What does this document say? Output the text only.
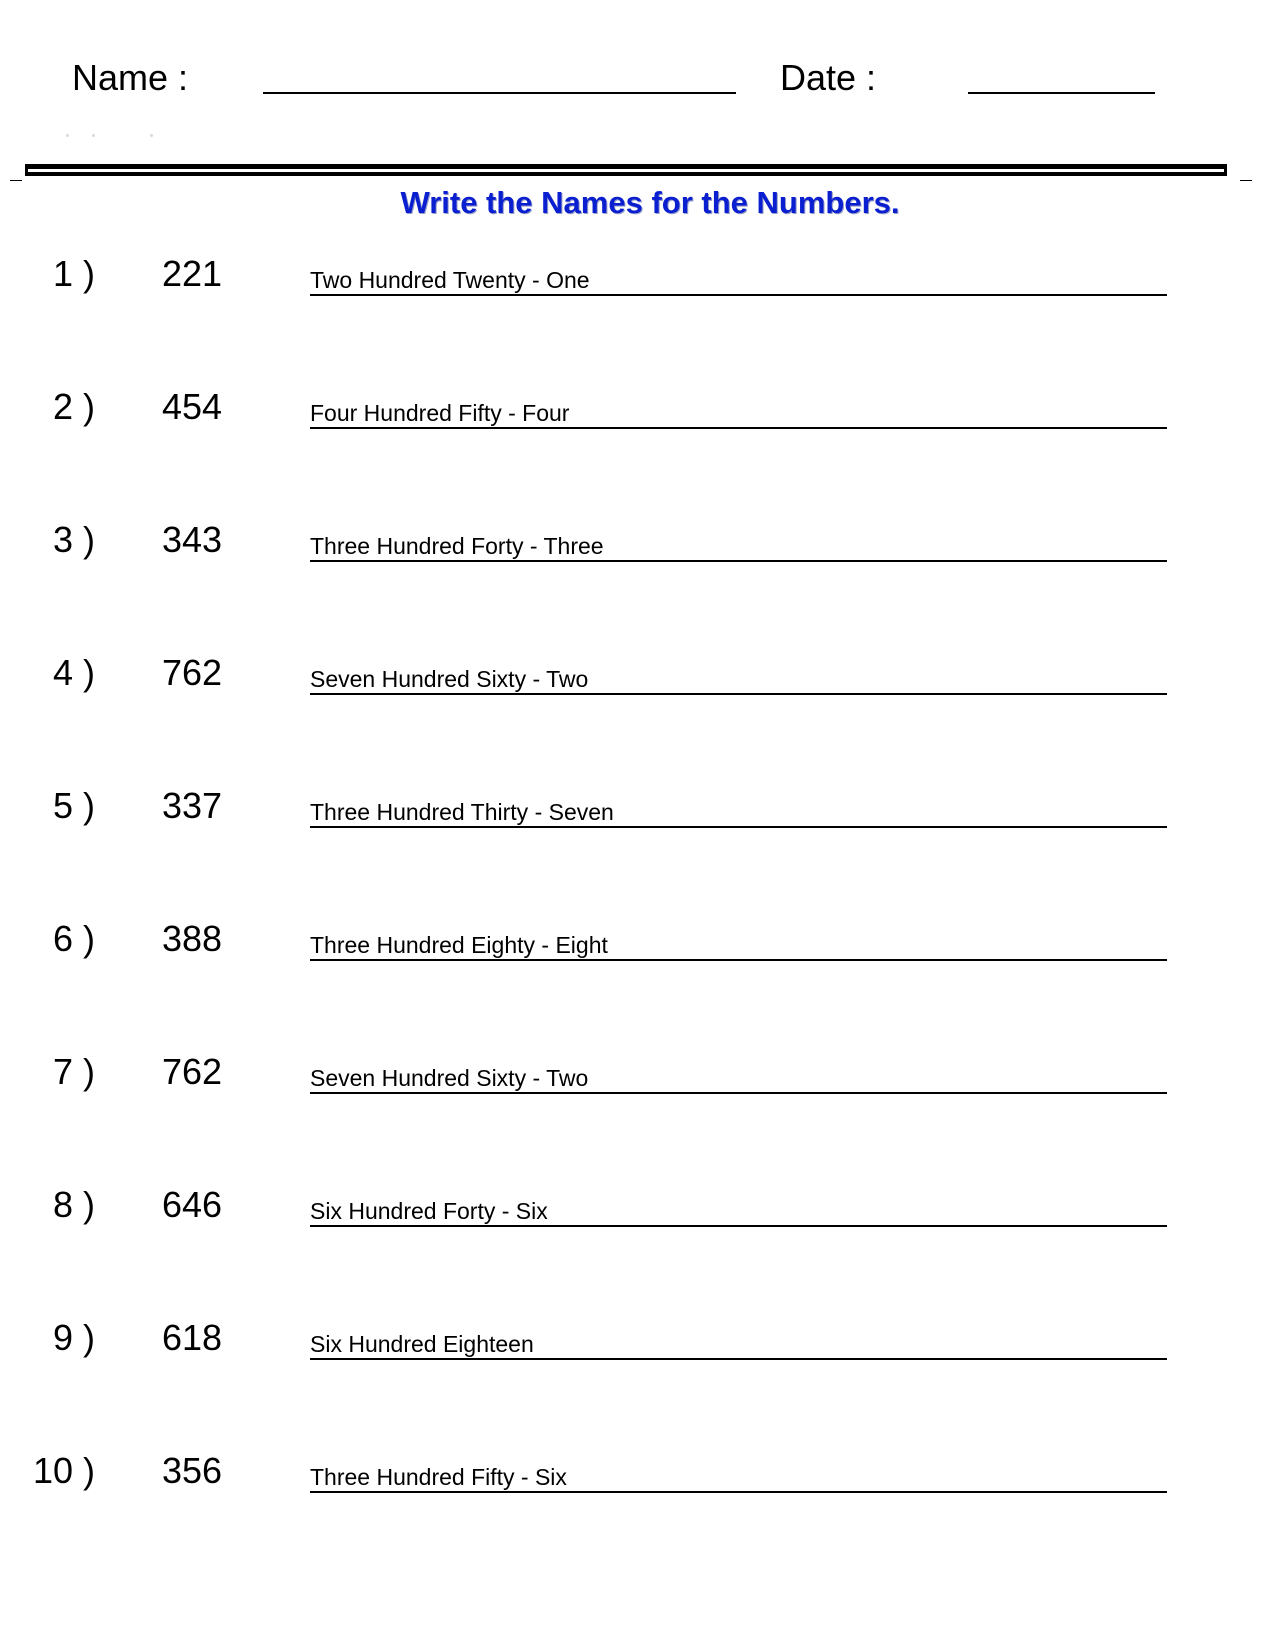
Name :	Date :
Write the Names for the Numbers.
1 ) 221	Two Hundred Twenty - One
2 ) 454	Four Hundred Fifty - Four
3 ) 343	Three Hundred Forty - Three
4 ) 762	Seven Hundred Sixty - Two
5 ) 337	Three Hundred Thirty - Seven
6 ) 388	Three Hundred Eighty - Eight
7 ) 762	Seven Hundred Sixty - Two
8 ) 646	Six Hundred Forty - Six
9 ) 618	Six Hundred Eighteen
10 ) 356	Three Hundred Fifty - Six
